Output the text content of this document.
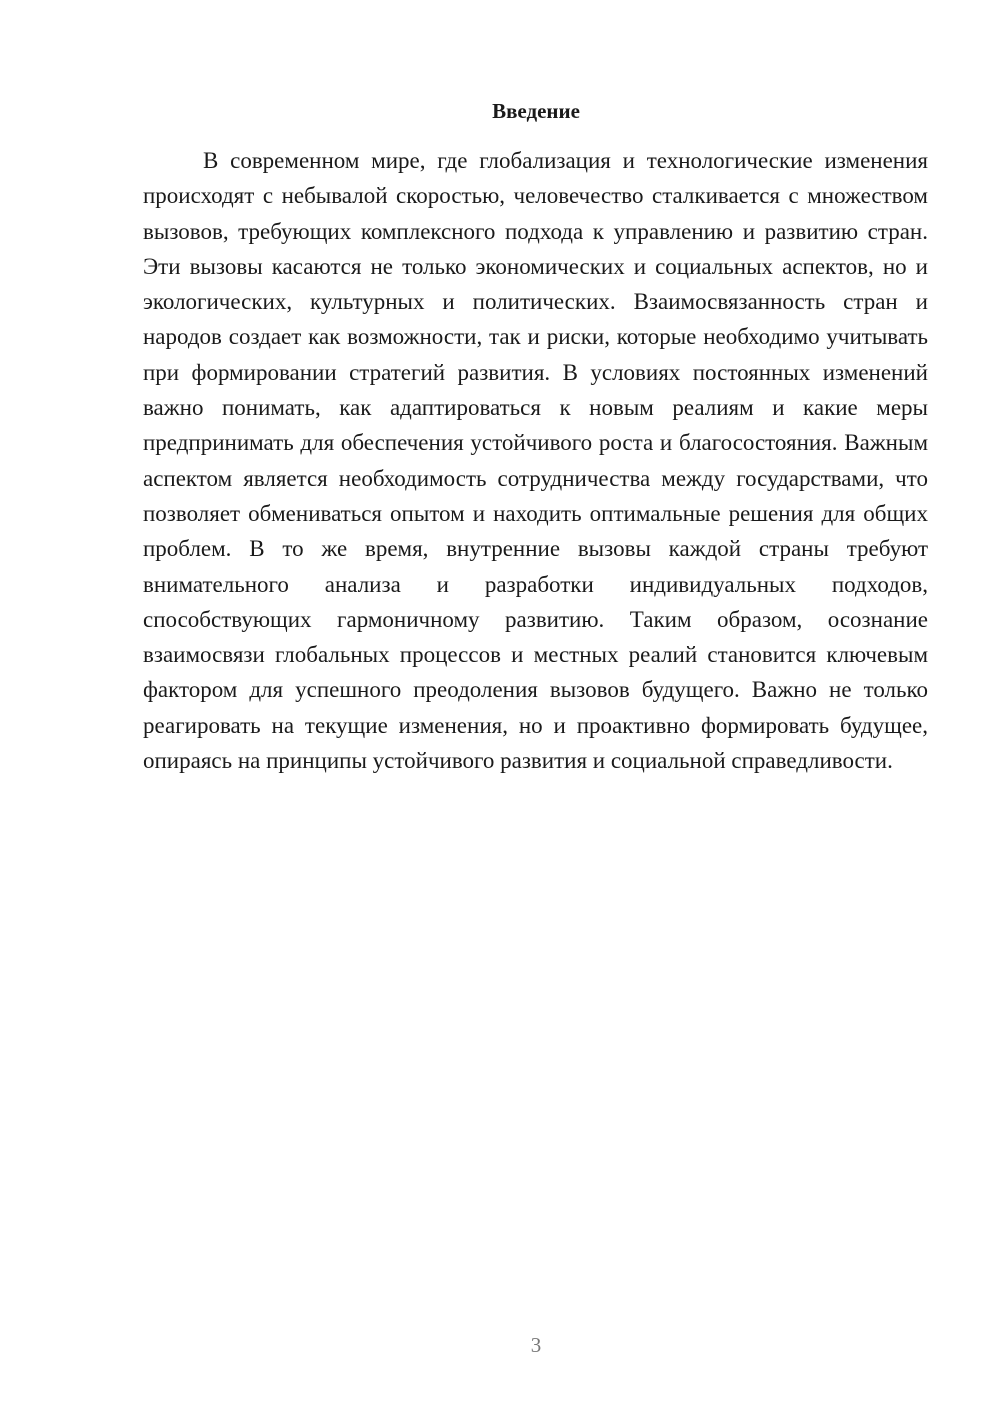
Введение

В современном мире, где глобализация и технологические изменения происходят с небывалой скоростью, человечество сталкивается с множеством вызовов, требующих комплексного подхода к управлению и развитию стран. Эти вызовы касаются не только экономических и социальных аспектов, но и экологических, культурных и политических. Взаимосвязанность стран и народов создает как возможности, так и риски, которые необходимо учитывать при формировании стратегий развития. В условиях постоянных изменений важно понимать, как адаптироваться к новым реалиям и какие меры предпринимать для обеспечения устойчивого роста и благосостояния. Важным аспектом является необходимость сотрудничества между государствами, что позволяет обмениваться опытом и находить оптимальные решения для общих проблем. В то же время, внутренние вызовы каждой страны требуют внимательного анализа и разработки индивидуальных подходов, способствующих гармоничному развитию. Таким образом, осознание взаимосвязи глобальных процессов и местных реалий становится ключевым фактором для успешного преодоления вызовов будущего. Важно не только реагировать на текущие изменения, но и проактивно формировать будущее, опираясь на принципы устойчивого развития и социальной справедливости.

3
